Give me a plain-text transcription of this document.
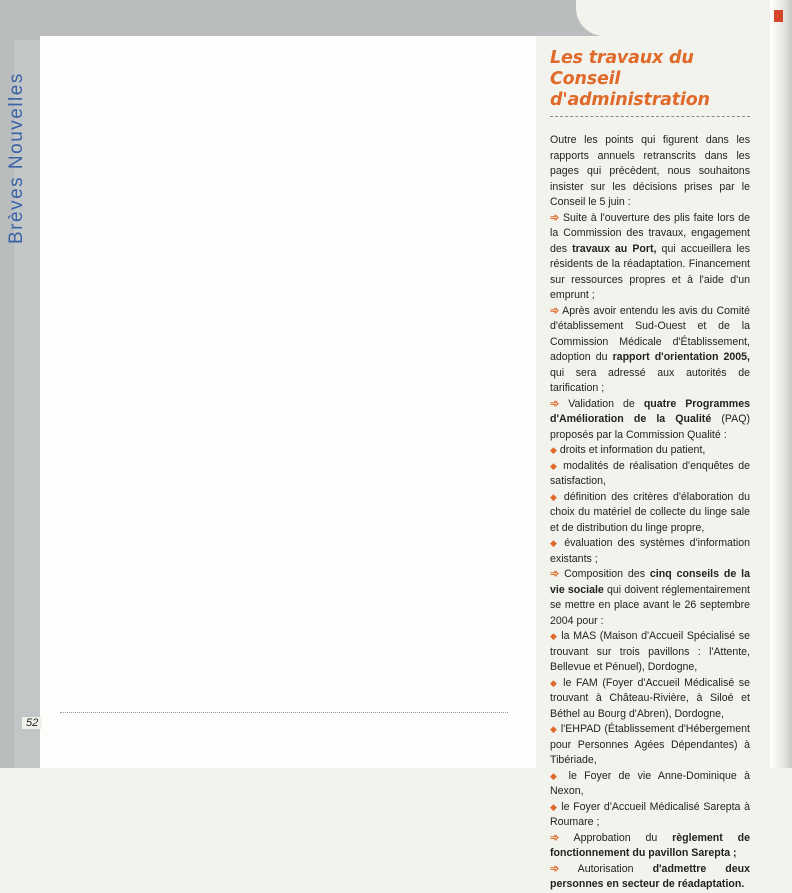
Brèves Nouvelles
52
Les travaux du Conseil
d'administration

Outre les points qui figurent dans les rapports annuels retranscrits dans les pages qui précèdent, nous souhaitons insister sur les décisions prises par le Conseil le 5 juin :

➾ Suite à l'ouverture des plis faite lors de la Commission des travaux, engagement des travaux au Port, qui accueillera les résidents de la réadaptation. Financement sur ressources propres et à l'aide d'un emprunt ;

➾ Après avoir entendu les avis du Comité d'établissement Sud-Ouest et de la Commission Médicale d'Établissement, adoption du rapport d'orientation 2005, qui sera adressé aux autorités de tarification ;

➾ Validation de quatre Programmes d'Amélioration de la Qualité (PAQ) proposés par la Commission Qualité :

◆ droits et information du patient,

◆ modalités de réalisation d'enquêtes de satisfaction,

◆ définition des critères d'élaboration du choix du matériel de collecte du linge sale et de distribution du linge propre,

◆ évaluation des systèmes d'information existants ;

➾ Composition des cinq conseils de la vie sociale qui doivent réglementairement se mettre en place avant le 26 septembre 2004 pour :

◆ la MAS (Maison d'Accueil Spécialisé se trouvant sur trois pavillons : l'Attente, Bellevue et Pénuel), Dordogne,

◆ le FAM (Foyer d'Accueil Médicalisé se trouvant à Château-Rivière, à Siloé et Béthel au Bourg d'Abren), Dordogne,

◆ l'EHPAD (Établissement d'Hébergement pour Personnes Agées Dépendantes) à Tibériade,

◆ le Foyer de vie Anne-Dominique à Nexon,

◆ le Foyer d'Accueil Médicalisé Sarepta à Roumare ;

➾ Approbation du règlement de fonctionnement du pavillon Sarepta ;

➾ Autorisation d'admettre deux personnes en secteur de réadaptation.
